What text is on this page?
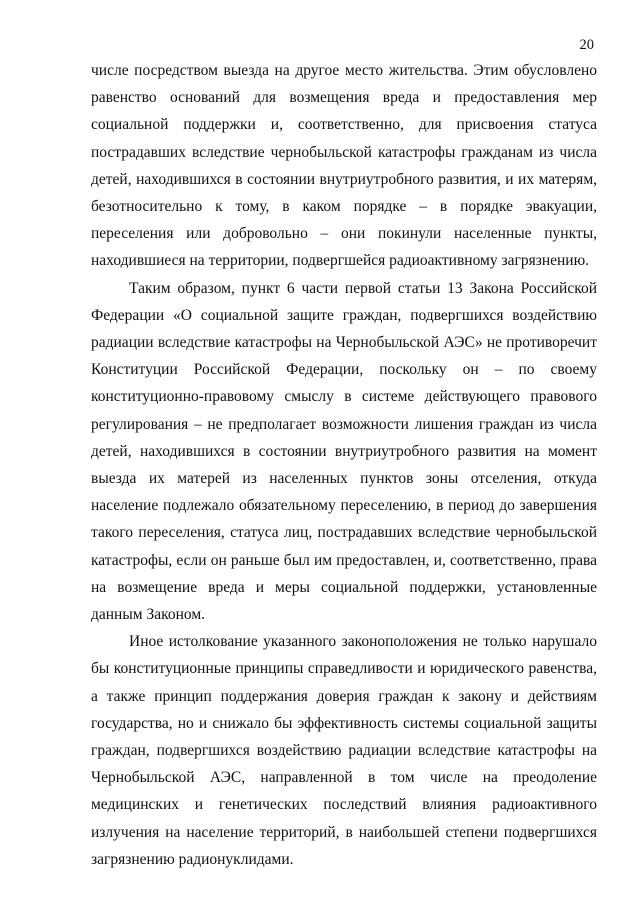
20

числе посредством выезда на другое место жительства. Этим обусловлено равенство оснований для возмещения вреда и предоставления мер социальной поддержки и, соответственно, для присвоения статуса пострадавших вследствие чернобыльской катастрофы гражданам из числа детей, находившихся в состоянии внутриутробного развития, и их матерям, безотносительно к тому, в каком порядке – в порядке эвакуации, переселения или добровольно – они покинули населенные пункты, находившиеся на территории, подвергшейся радиоактивному загрязнению.

Таким образом, пункт 6 части первой статьи 13 Закона Российской Федерации «О социальной защите граждан, подвергшихся воздействию радиации вследствие катастрофы на Чернобыльской АЭС» не противоречит Конституции Российской Федерации, поскольку он – по своему конституционно-правовому смыслу в системе действующего правового регулирования – не предполагает возможности лишения граждан из числа детей, находившихся в состоянии внутриутробного развития на момент выезда их матерей из населенных пунктов зоны отселения, откуда население подлежало обязательному переселению, в период до завершения такого переселения, статуса лиц, пострадавших вследствие чернобыльской катастрофы, если он раньше был им предоставлен, и, соответственно, права на возмещение вреда и меры социальной поддержки, установленные данным Законом.

Иное истолкование указанного законоположения не только нарушало бы конституционные принципы справедливости и юридического равенства, а также принцип поддержания доверия граждан к закону и действиям государства, но и снижало бы эффективность системы социальной защиты граждан, подвергшихся воздействию радиации вследствие катастрофы на Чернобыльской АЭС, направленной в том числе на преодоление медицинских и генетических последствий влияния радиоактивного излучения на население территорий, в наибольшей степени подвергшихся загрязнению радионуклидами.
